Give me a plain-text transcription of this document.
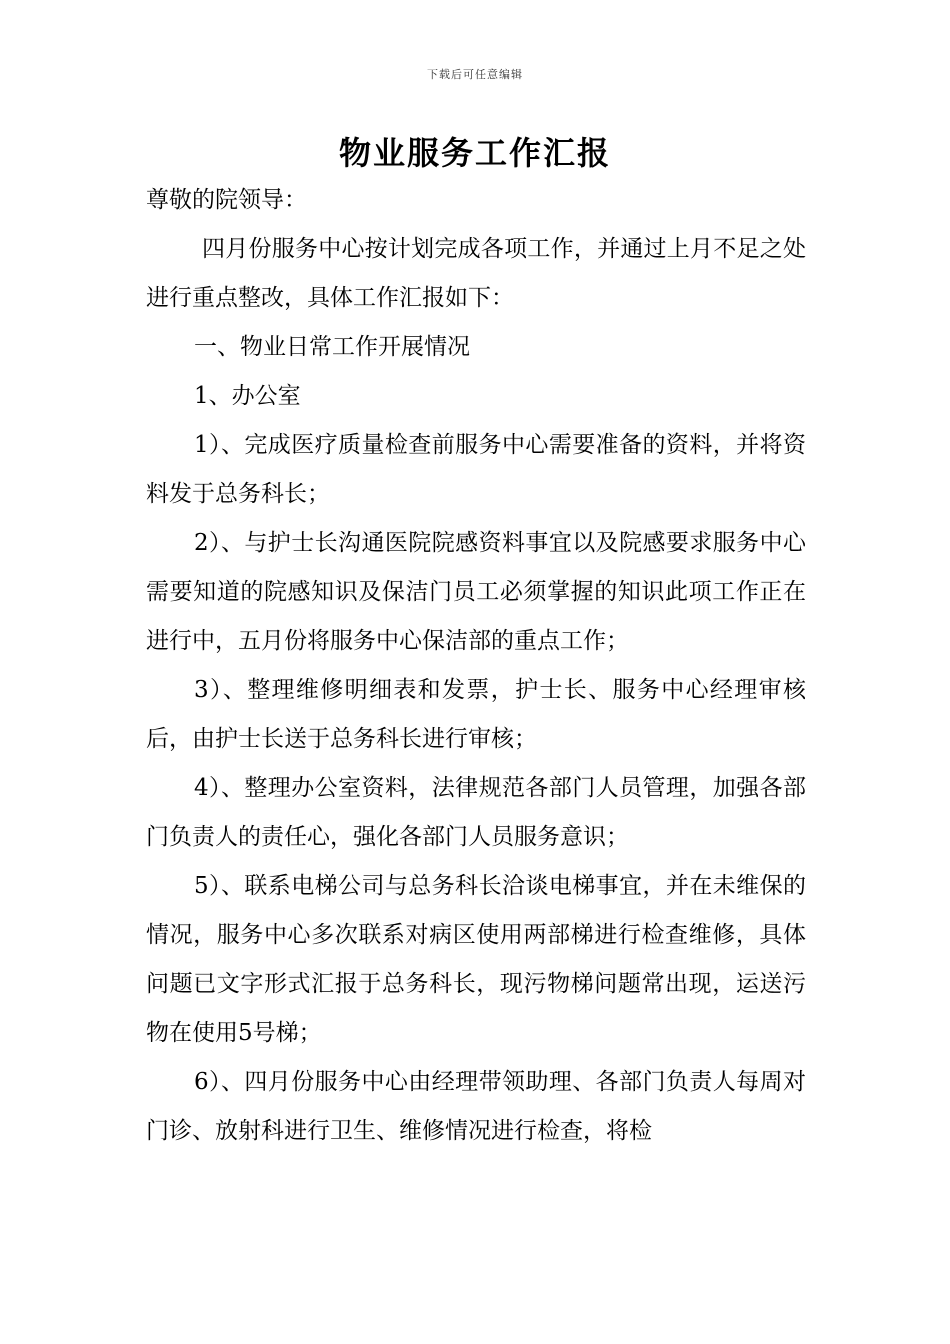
下载后可任意编辑
物业服务工作汇报

尊敬的院领导：

四月份服务中心按计划完成各项工作，并通过上月不足之处进行重点整改，具体工作汇报如下：

一、物业日常工作开展情况

1、办公室

1）、完成医疗质量检查前服务中心需要准备的资料，并将资料发于总务科长；

2）、与护士长沟通医院院感资料事宜以及院感要求服务中心需要知道的院感知识及保洁门员工必须掌握的知识此项工作正在进行中，五月份将服务中心保洁部的重点工作；

3）、整理维修明细表和发票，护士长、服务中心经理审核后，由护士长送于总务科长进行审核；

4）、整理办公室资料，法律规范各部门人员管理，加强各部门负责人的责任心，强化各部门人员服务意识；

5）、联系电梯公司与总务科长洽谈电梯事宜，并在未维保的情况，服务中心多次联系对病区使用两部梯进行检查维修，具体问题已文字形式汇报于总务科长，现污物梯问题常出现，运送污物在使用5号梯；

6）、四月份服务中心由经理带领助理、各部门负责人每周对门诊、放射科进行卫生、维修情况进行检查，将检
